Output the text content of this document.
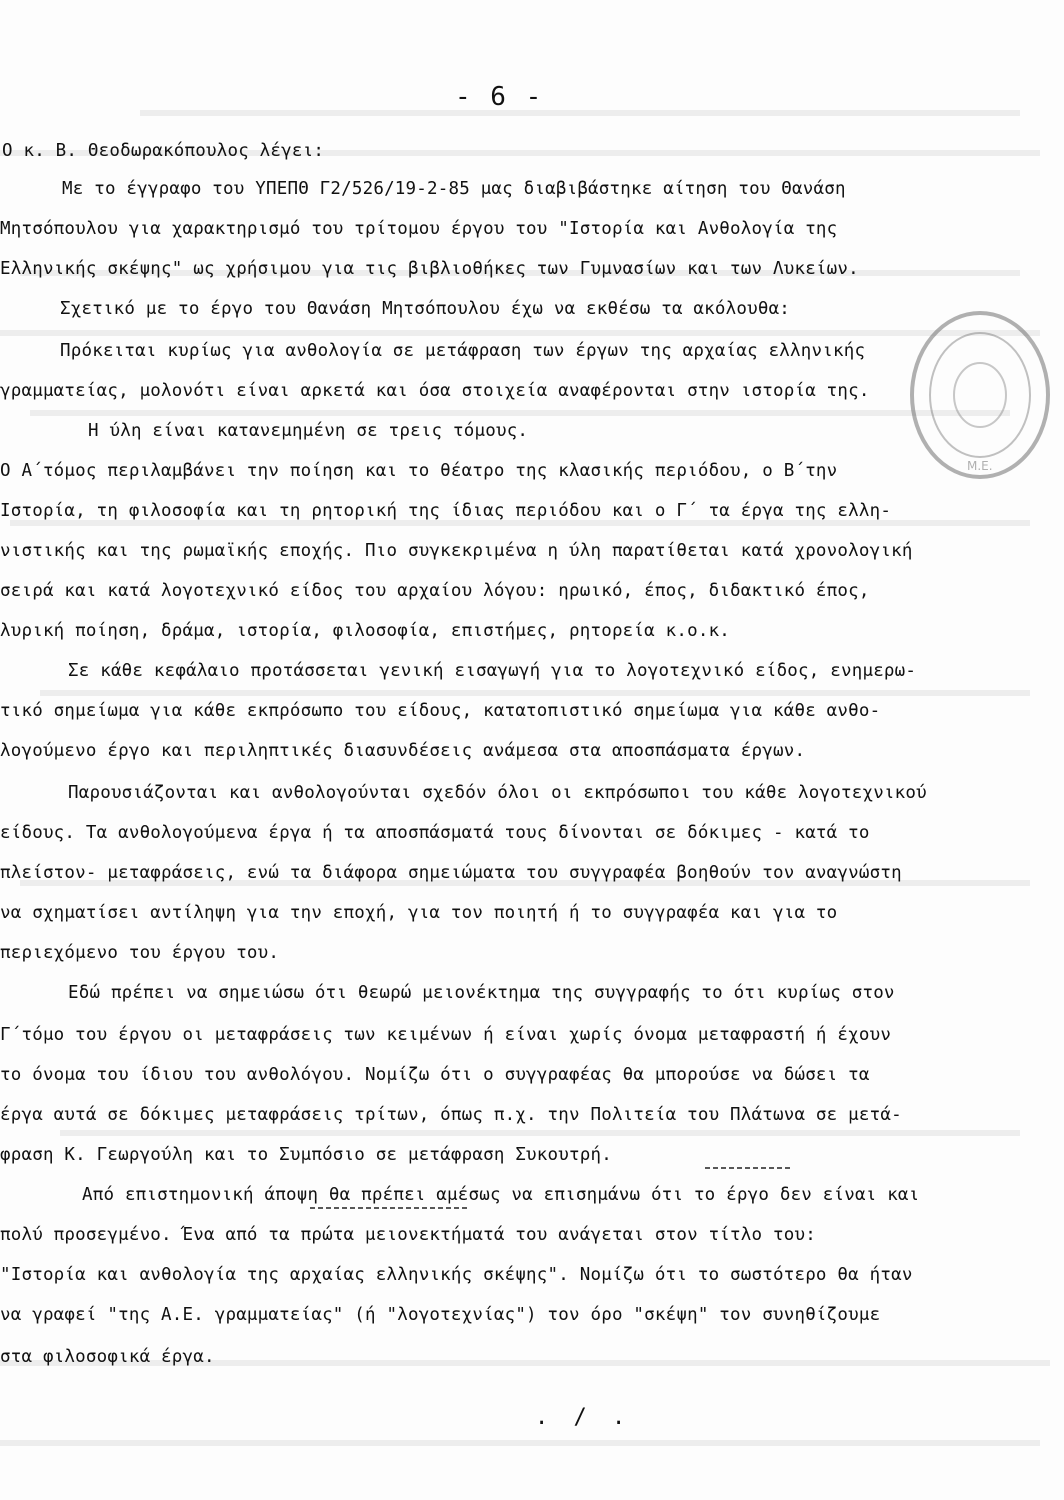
- 6 -
Ο κ. Β. Θεοδωρακόπουλος λέγει:
Με το έγγραφο του ΥΠΕΠΘ Γ2/526/19-2-85 μας διαβιβάστηκε αίτηση του Θανάση
Μητσόπουλου για χαρακτηρισμό του τρίτομου έργου του "Ιστορία και Ανθολογία της
Ελληνικής σκέψης" ως χρήσιμου για τις βιβλιοθήκες των Γυμνασίων και των Λυκείων.
Σχετικό με το έργο του Θανάση Μητσόπουλου έχω να εκθέσω τα ακόλουθα:
Πρόκειται κυρίως για ανθολογία σε μετάφραση των έργων της αρχαίας ελληνικής
γραμματείας, μολονότι είναι αρκετά και όσα στοιχεία αναφέρονται στην ιστορία της.
Η ύλη είναι κατανεμημένη σε τρεις τόμους.
Ο Α΄τόμος περιλαμβάνει την ποίηση και το θέατρο της κλασικής περιόδου, ο Β΄την
Ιστορία, τη φιλοσοφία και τη ρητορική της ίδιας περιόδου και ο Γ΄ τα έργα της ελλη-
νιστικής και της ρωμαϊκής εποχής. Πιο συγκεκριμένα η ύλη παρατίθεται κατά χρονολογική
σειρά και κατά λογοτεχνικό είδος του αρχαίου λόγου: ηρωικό, έπος, διδακτικό έπος,
λυρική ποίηση, δράμα, ιστορία, φιλοσοφία, επιστήμες, ρητορεία κ.ο.κ.
Σε κάθε κεφάλαιο προτάσσεται γενική εισαγωγή για το λογοτεχνικό είδος, ενημερω-
τικό σημείωμα για κάθε εκπρόσωπο του είδους, κατατοπιστικό σημείωμα για κάθε ανθο-
λογούμενο έργο και περιληπτικές διασυνδέσεις ανάμεσα στα αποσπάσματα έργων.
Παρουσιάζονται και ανθολογούνται σχεδόν όλοι οι εκπρόσωποι του κάθε λογοτεχνικού
είδους. Τα ανθολογούμενα έργα ή τα αποσπάσματά τους δίνονται σε δόκιμες - κατά το
πλείστον- μεταφράσεις, ενώ τα διάφορα σημειώματα του συγγραφέα βοηθούν τον αναγνώστη
να σχηματίσει αντίληψη για την εποχή, για τον ποιητή ή το συγγραφέα και για το
περιεχόμενο του έργου του.
Εδώ πρέπει να σημειώσω ότι θεωρώ μειονέκτημα της συγγραφής το ότι κυρίως στον
Γ΄τόμο του έργου οι μεταφράσεις των κειμένων ή είναι χωρίς όνομα μεταφραστή ή έχουν
το όνομα του ίδιου του ανθολόγου. Νομίζω ότι ο συγγραφέας θα μπορούσε να δώσει τα
έργα αυτά σε δόκιμες μεταφράσεις τρίτων, όπως π.χ. την Πολιτεία του Πλάτωνα σε μετά-
φραση Κ. Γεωργούλη και το Συμπόσιο σε μετάφραση Συκουτρή.
Από επιστημονική άποψη θα πρέπει αμέσως να επισημάνω ότι το έργο δεν είναι και
πολύ προσεγμένο. Ένα από τα πρώτα μειονεκτήματά του ανάγεται στον τίτλο του:
"Ιστορία και ανθολογία της αρχαίας ελληνικής σκέψης". Νομίζω ότι το σωστότερο θα ήταν
να γραφεί "της Α.Ε. γραμματείας" (ή "λογοτεχνίας") τον όρο "σκέψη" τον συνηθίζουμε
στα φιλοσοφικά έργα.
Μ.Ε.
. / .
